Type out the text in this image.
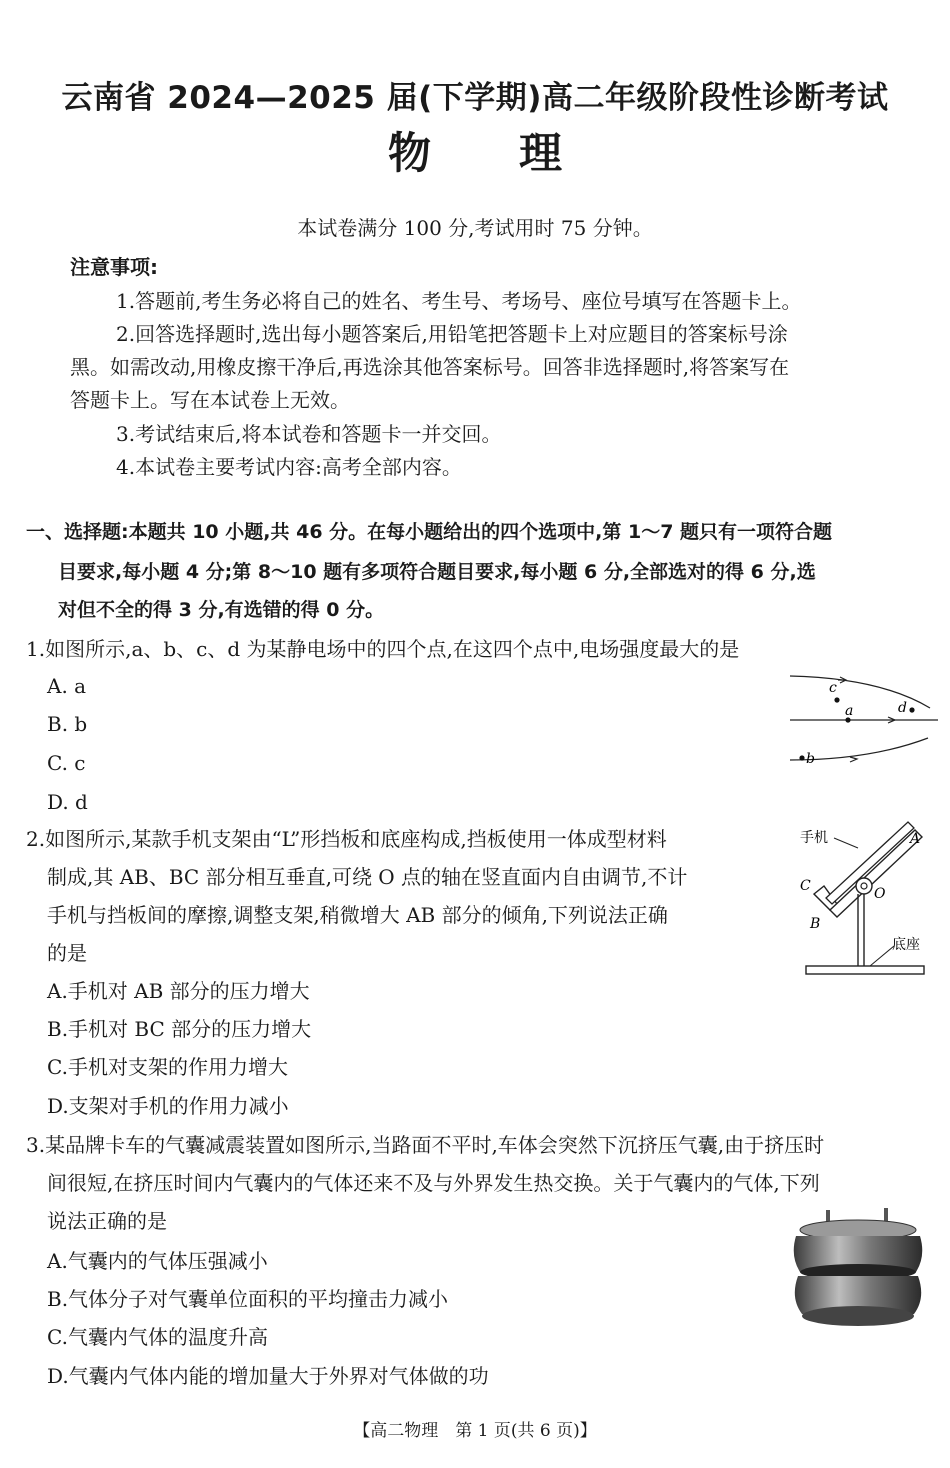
云南省 2024—2025 届(下学期)高二年级阶段性诊断考试
物 理
本试卷满分 100 分,考试用时 75 分钟。
注意事项:
1.答题前,考生务必将自己的姓名、考生号、考场号、座位号填写在答题卡上。
2.回答选择题时,选出每小题答案后,用铅笔把答题卡上对应题目的答案标号涂
黑。如需改动,用橡皮擦干净后,再选涂其他答案标号。回答非选择题时,将答案写在
答题卡上。写在本试卷上无效。
3.考试结束后,将本试卷和答题卡一并交回。
4.本试卷主要考试内容:高考全部内容。
一、选择题:本题共 10 小题,共 46 分。在每小题给出的四个选项中,第 1～7 题只有一项符合题
目要求,每小题 4 分;第 8～10 题有多项符合题目要求,每小题 6 分,全部选对的得 6 分,选
对但不全的得 3 分,有选错的得 0 分。
1.如图所示,a、b、c、d 为某静电场中的四个点,在这四个点中,电场强度最大的是
A. a
B. b
C. c
D. d
c
a	d
b
2.如图所示,某款手机支架由“L”形挡板和底座构成,挡板使用一体成型材料
制成,其 AB、BC 部分相互垂直,可绕 O 点的轴在竖直面内自由调节,不计
手机与挡板间的摩擦,调整支架,稍微增大 AB 部分的倾角,下列说法正确
的是
A.手机对 AB 部分的压力增大
B.手机对 BC 部分的压力增大
C.手机对支架的作用力增大
D.支架对手机的作用力减小
手机	A
C
B
O
底座
3.某品牌卡车的气囊减震装置如图所示,当路面不平时,车体会突然下沉挤压气囊,由于挤压时
间很短,在挤压时间内气囊内的气体还来不及与外界发生热交换。关于气囊内的气体,下列
说法正确的是
A.气囊内的气体压强减小
B.气体分子对气囊单位面积的平均撞击力减小
C.气囊内气体的温度升高
D.气囊内气体内能的增加量大于外界对气体做的功
【高二物理　第 1 页(共 6 页)】
